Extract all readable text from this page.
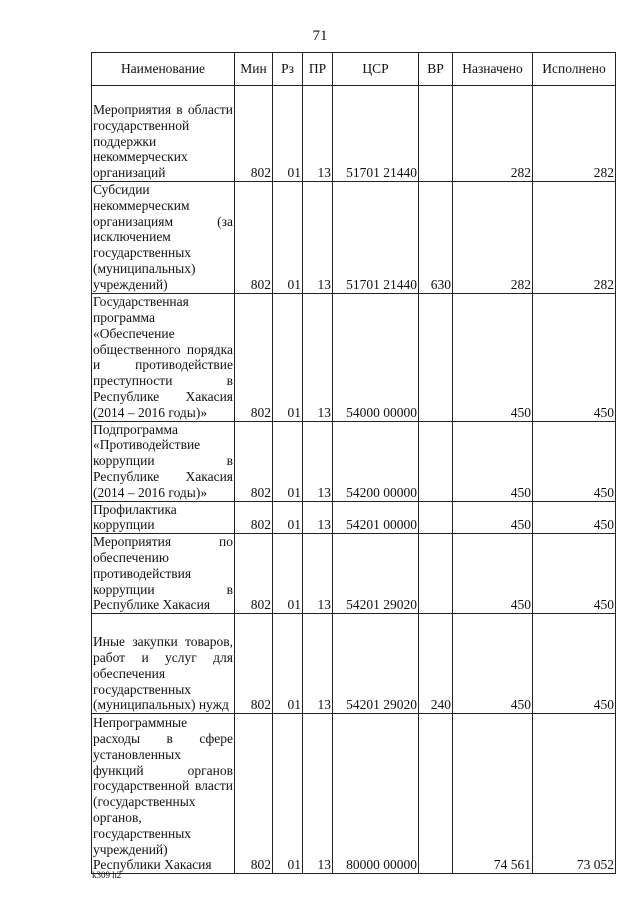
71
Наименование	Мин	Рз	ПР	ЦСР	ВР	Назначено	Исполнено
Мероприятия в области государственной поддержки некоммерческих организаций	802	01	13	51701 21440		282	282
Субсидии некоммерческим организациям (за исключением государственных (муниципальных) учреждений)	802	01	13	51701 21440	630	282	282
Государственная программа «Обеспечение общественного порядка и противодействие преступности в Республике Хакасия (2014 – 2016 годы)»	802	01	13	54000 00000		450	450
Подпрограмма «Противодействие коррупции в Республике Хакасия (2014 – 2016 годы)»	802	01	13	54200 00000		450	450
Профилактика коррупции	802	01	13	54201 00000		450	450
Мероприятия по обеспечению противодействия коррупции в Республике Хакасия	802	01	13	54201 29020		450	450
Иные закупки товаров, работ и услуг для обеспечения государственных (муниципальных) нужд	802	01	13	54201 29020	240	450	450
Непрограммные расходы в сфере установленных функций органов государственной власти (государственных органов, государственных учреждений) Республики Хакасия	802	01	13	80000 00000		74 561	73 052
k309 h2
